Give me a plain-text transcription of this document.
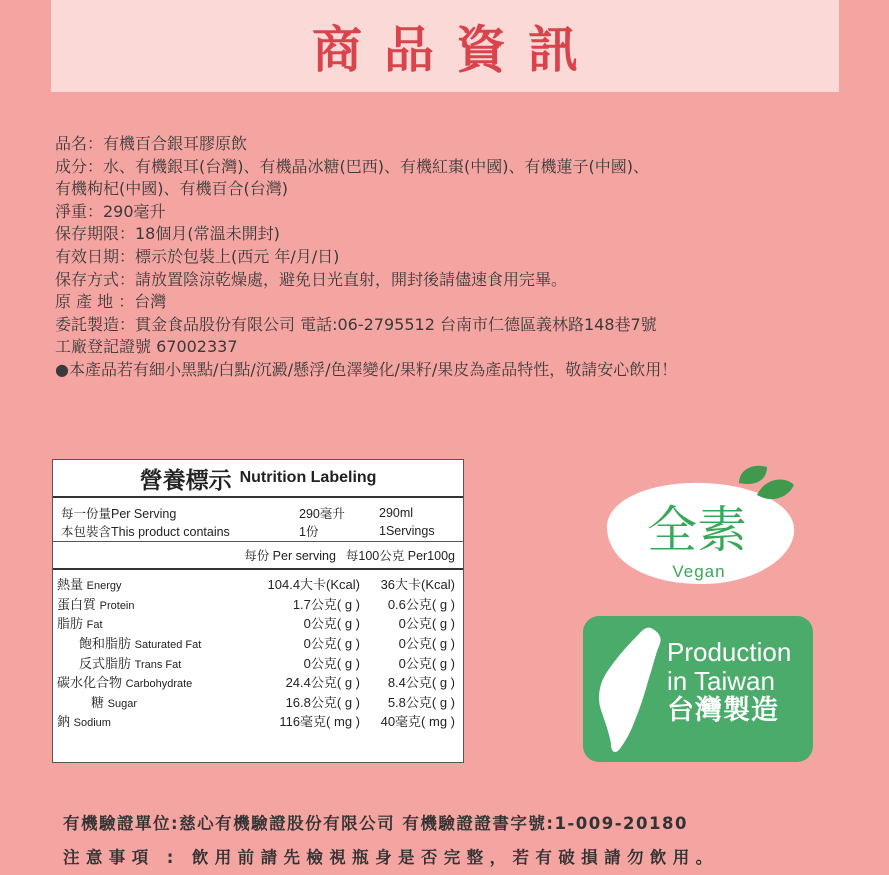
商品資訊
品名：有機百合銀耳膠原飲
成分：水、有機銀耳(台灣)、有機晶冰糖(巴西)、有機紅棗(中國)、有機蓮子(中國)、
有機枸杞(中國)、有機百合(台灣)
淨重：290毫升
保存期限：18個月(常溫未開封)
有效日期：標示於包裝上(西元 年/月/日)
保存方式：請放置陰涼乾燥處，避免日光直射，開封後請儘速食用完畢。
原 產 地 ：台灣
委託製造：貫金食品股份有限公司 電話:06-2795512 台南市仁德區義林路148巷7號
工廠登記證號 67002337
●本產品若有細小黑點/白點/沉澱/懸浮/色澤變化/果籽/果皮為產品特性，敬請安心飲用！
營養標示 Nutrition Labeling
每一份量Per Serving	290毫升	290ml
本包裝含This product contains	1份	1Servings
每份 Per serving 每100公克 Per100g
熱量 Energy	104.4大卡(Kcal)	36大卡(Kcal)
蛋白質 Protein	1.7公克( g )	0.6公克( g )
脂肪 Fat	0公克( g )	0公克( g )
飽和脂肪 Saturated Fat	0公克( g )	0公克( g )
反式脂肪 Trans Fat	0公克( g )	0公克( g )
碳水化合物 Carbohydrate	24.4公克( g )	8.4公克( g )
糖 Sugar	16.8公克( g )	5.8公克( g )
鈉 Sodium	116毫克( mg )	40毫克( mg )
全素
Vegan
Production
in Taiwan
台灣製造
有機驗證單位:慈心有機驗證股份有限公司 有機驗證證書字號:1-009-20180
注意事項 : 飲用前請先檢視瓶身是否完整，若有破損請勿飲用。
